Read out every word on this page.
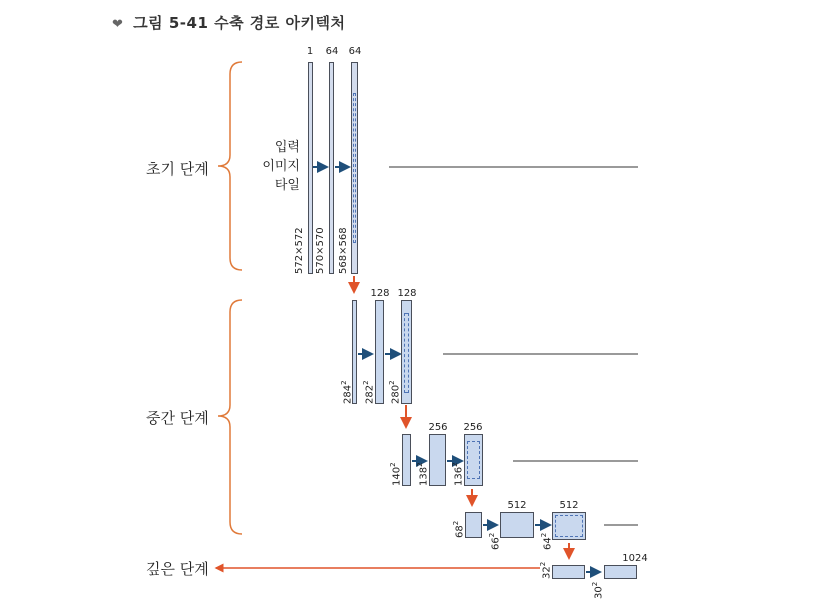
❤ 그림 5-41 수축 경로 아키텍처
초기 단계
중간 단계
깊은 단계
입력
이미지
타일
1	64	64
572×572 570×570 568×568
128 128
$284^2$
$282^2$
$280^2$
256	256
$140^2$
$138^2$
$136^2$
512	512
$68^2$
$66^2$
$64^2$
1024
$32^2$
$30^2$
